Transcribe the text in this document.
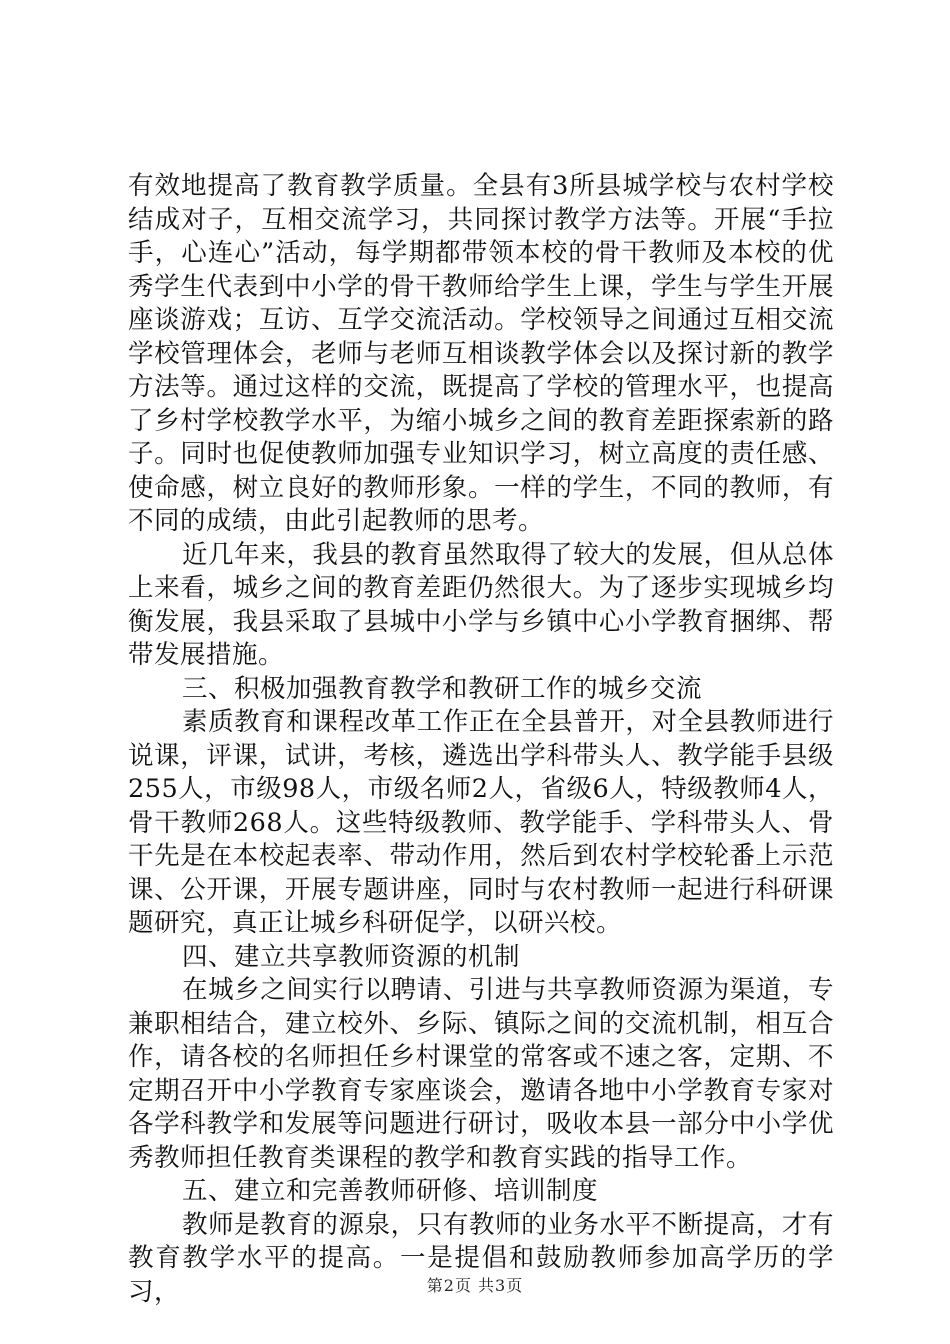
有效地提高了教育教学质量。全县有3所县城学校与农村学校结成对子，互相交流学习，共同探讨教学方法等。开展“手拉手，心连心”活动，每学期都带领本校的骨干教师及本校的优秀学生代表到中小学的骨干教师给学生上课，学生与学生开展座谈游戏；互访、互学交流活动。学校领导之间通过互相交流学校管理体会，老师与老师互相谈教学体会以及探讨新的教学方法等。通过这样的交流，既提高了学校的管理水平，也提高了乡村学校教学水平，为缩小城乡之间的教育差距探索新的路子。同时也促使教师加强专业知识学习，树立高度的责任感、使命感，树立良好的教师形象。一样的学生，不同的教师，有不同的成绩，由此引起教师的思考。

近几年来，我县的教育虽然取得了较大的发展，但从总体上来看，城乡之间的教育差距仍然很大。为了逐步实现城乡均衡发展，我县采取了县城中小学与乡镇中心小学教育捆绑、帮带发展措施。

三、积极加强教育教学和教研工作的城乡交流

素质教育和课程改革工作正在全县普开，对全县教师进行说课，评课，试讲，考核，遴选出学科带头人、教学能手县级255人，市级98人，市级名师2人，省级6人，特级教师4人，骨干教师268人。这些特级教师、教学能手、学科带头人、骨干先是在本校起表率、带动作用，然后到农村学校轮番上示范课、公开课，开展专题讲座，同时与农村教师一起进行科研课题研究，真正让城乡科研促学，以研兴校。

四、建立共享教师资源的机制

在城乡之间实行以聘请、引进与共享教师资源为渠道，专兼职相结合，建立校外、乡际、镇际之间的交流机制，相互合作，请各校的名师担任乡村课堂的常客或不速之客，定期、不定期召开中小学教育专家座谈会，邀请各地中小学教育专家对各学科教学和发展等问题进行研讨，吸收本县一部分中小学优秀教师担任教育类课程的教学和教育实践的指导工作。

五、建立和完善教师研修、培训制度

教师是教育的源泉，只有教师的业务水平不断提高，才有教育教学水平的提高。一是提倡和鼓励教师参加高学历的学习，	第2页 共3页
